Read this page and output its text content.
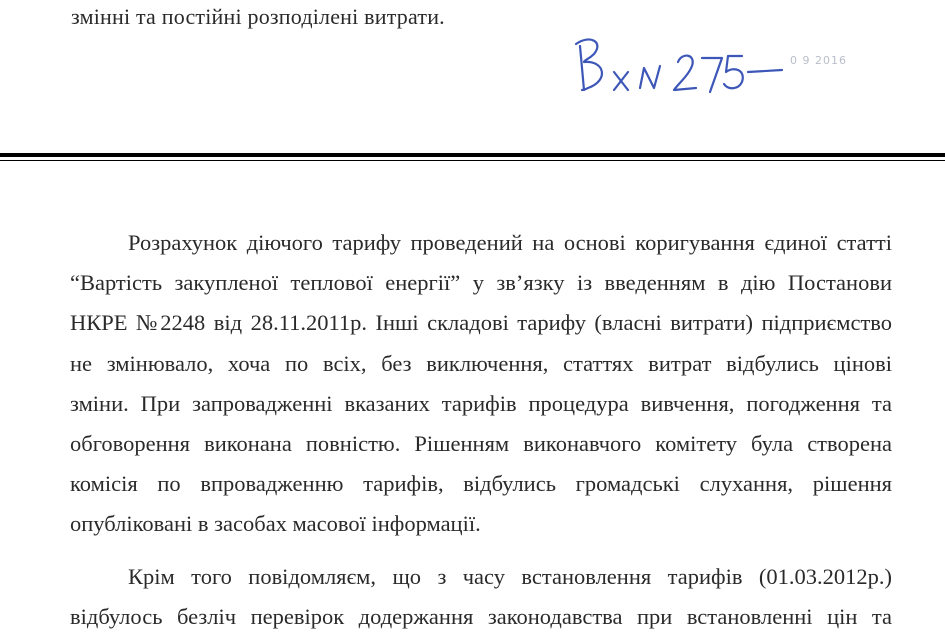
змінні та постійні розподілені витрати.
0 9 2016
Розрахунок діючого тарифу проведений на основі коригування єдиної статті
“Вартість закупленої теплової енергії” у зв’язку із введенням в дію Постанови
НКРЕ №2248 від 28.11.2011р. Інші складові тарифу (власні витрати) підприємство
не змінювало, хоча по всіх, без виключення, статтях витрат відбулись цінові
зміни. При запровадженні вказаних тарифів процедура вивчення, погодження та
обговорення виконана повністю. Рішенням виконавчого комітету була створена
комісія по впровадженню тарифів, відбулись громадські слухання, рішення
опубліковані в засобах масової інформації.
Крім того повідомляєм, що з часу встановлення тарифів (01.03.2012р.)
відбулось безліч перевірок додержання законодавства при встановленні цін та
